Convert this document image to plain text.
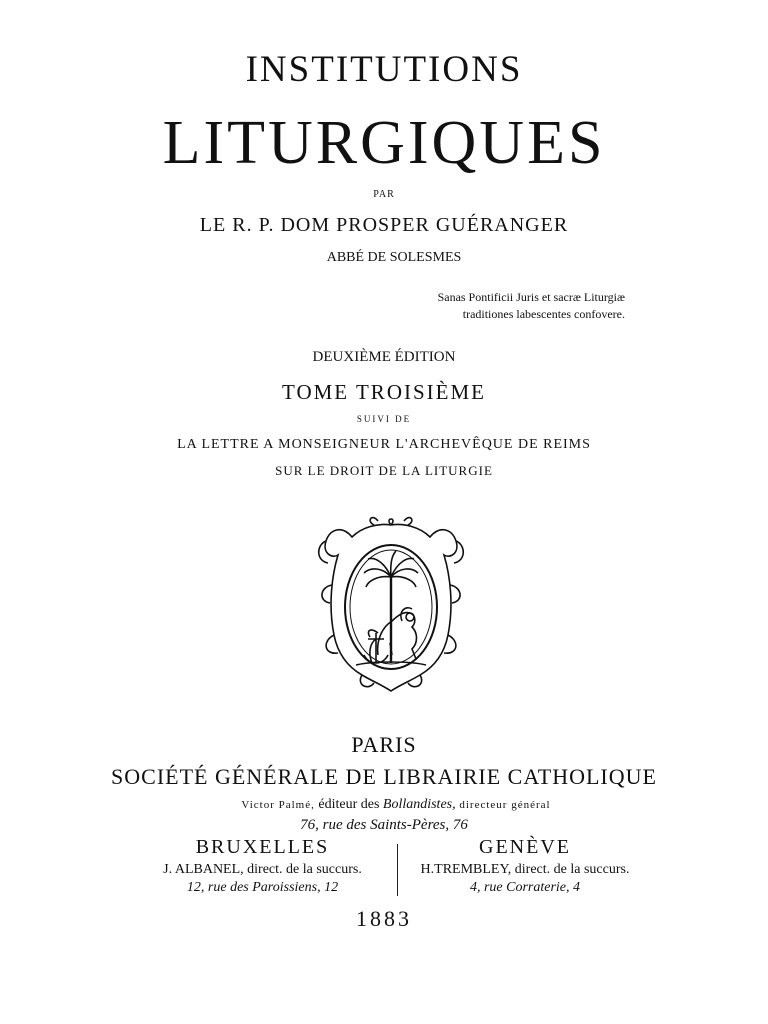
INSTITUTIONS
LITURGIQUES
PAR
LE R. P. DOM PROSPER GUÉRANGER
ABBÉ DE SOLESMES
Sanas Pontificii Juris et sacræ Liturgiæ
traditiones labescentes confovere.
DEUXIÈME ÉDITION
TOME TROISIÈME
SUIVI DE
LA LETTRE A MONSEIGNEUR L'ARCHEVÊQUE DE REIMS
SUR LE DROIT DE LA LITURGIE
PARIS
SOCIÉTÉ GÉNÉRALE DE LIBRAIRIE CATHOLIQUE
Victor Palmé, éditeur des Bollandistes, directeur général
76, rue des Saints-Pères, 76
BRUXELLES
J. ALBANEL, direct. de la succurs.
12, rue des Paroissiens, 12
GENÈVE
H.TREMBLEY, direct. de la succurs.
4, rue Corraterie, 4
1883
